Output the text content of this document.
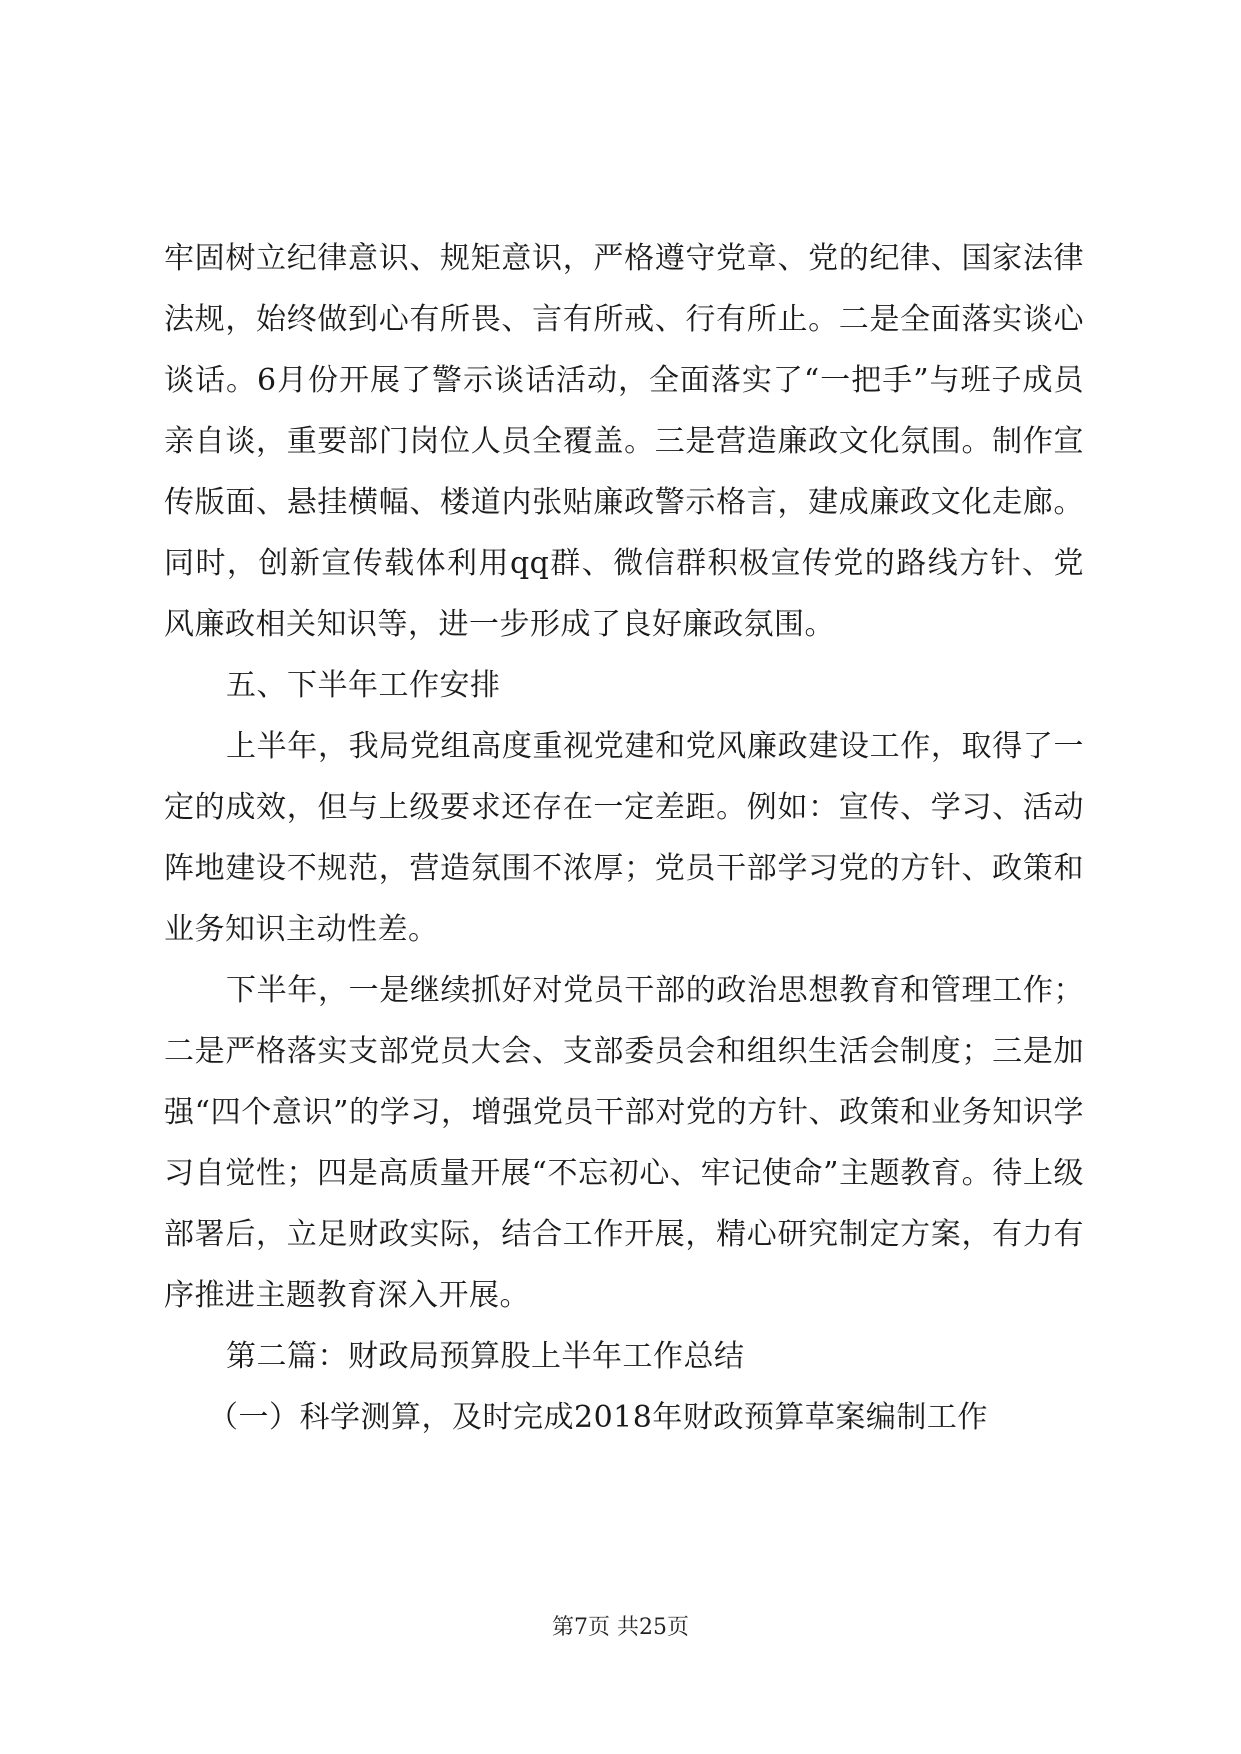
牢固树立纪律意识、规矩意识，严格遵守党章、党的纪律、国家法律法规，始终做到心有所畏、言有所戒、行有所止。二是全面落实谈心谈话。6月份开展了警示谈话活动，全面落实了“一把手”与班子成员亲自谈，重要部门岗位人员全覆盖。三是营造廉政文化氛围。制作宣传版面、悬挂横幅、楼道内张贴廉政警示格言，建成廉政文化走廊。同时，创新宣传载体利用qq群、微信群积极宣传党的路线方针、党风廉政相关知识等，进一步形成了良好廉政氛围。

五、下半年工作安排

上半年，我局党组高度重视党建和党风廉政建设工作，取得了一定的成效，但与上级要求还存在一定差距。例如：宣传、学习、活动阵地建设不规范，营造氛围不浓厚；党员干部学习党的方针、政策和业务知识主动性差。

下半年，一是继续抓好对党员干部的政治思想教育和管理工作；二是严格落实支部党员大会、支部委员会和组织生活会制度；三是加强“四个意识”的学习，增强党员干部对党的方针、政策和业务知识学习自觉性；四是高质量开展“不忘初心、牢记使命”主题教育。待上级部署后，立足财政实际，结合工作开展，精心研究制定方案，有力有序推进主题教育深入开展。

第二篇：财政局预算股上半年工作总结

（一）科学测算，及时完成2018年财政预算草案编制工作

第7页 共25页
